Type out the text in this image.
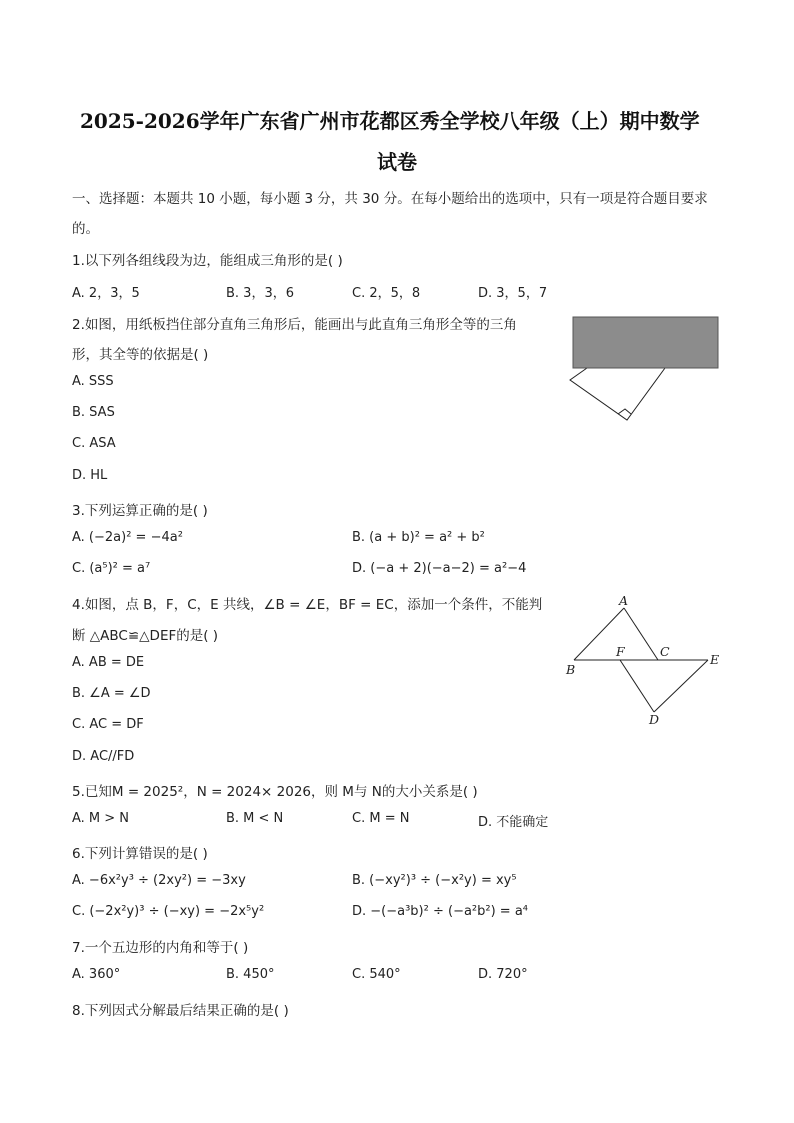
2025-2026学年广东省广州市花都区秀全学校八年级（上）期中数学
试卷
一、选择题：本题共 10 小题，每小题 3 分，共 30 分。在每小题给出的选项中，只有一项是符合题目要求
的。
1.以下列各组线段为边，能组成三角形的是( )
A. 2，3，5	B. 3，3，6	C. 2，5，8	D. 3，5，7
2.如图，用纸板挡住部分直角三角形后，能画出与此直角三角形全等的三角
形，其全等的依据是( )
A. SSS
B. SAS
C. ASA
D. HL
3.下列运算正确的是( )
A. (−2a)² = −4a²	B. (a + b)² = a² + b²
C. (a⁵)² = a⁷	D. (−a + 2)(−a−2) = a²−4
4.如图，点 B，F，C，E 共线，∠B = ∠E，BF = EC，添加一个条件，不能判
断 △ABC≌△DEF的是( )
A. AB = DE
B. ∠A = ∠D
C. AC = DF
D. AC//FD
A
B
F	C
E
D
5.已知M = 2025²，N = 2024× 2026，则 M与 N的大小关系是( )
A. M > N	B. M < N	C. M = N	D. 不能确定
6.下列计算错误的是( )
A. −6x²y³ ÷ (2xy²) = −3xy	B. (−xy²)³ ÷ (−x²y) = xy⁵
C. (−2x²y)³ ÷ (−xy) = −2x⁵y²	D. −(−a³b)² ÷ (−a²b²) = a⁴
7.一个五边形的内角和等于( )
A. 360°	B. 450°	C. 540°	D. 720°
8.下列因式分解最后结果正确的是( )
